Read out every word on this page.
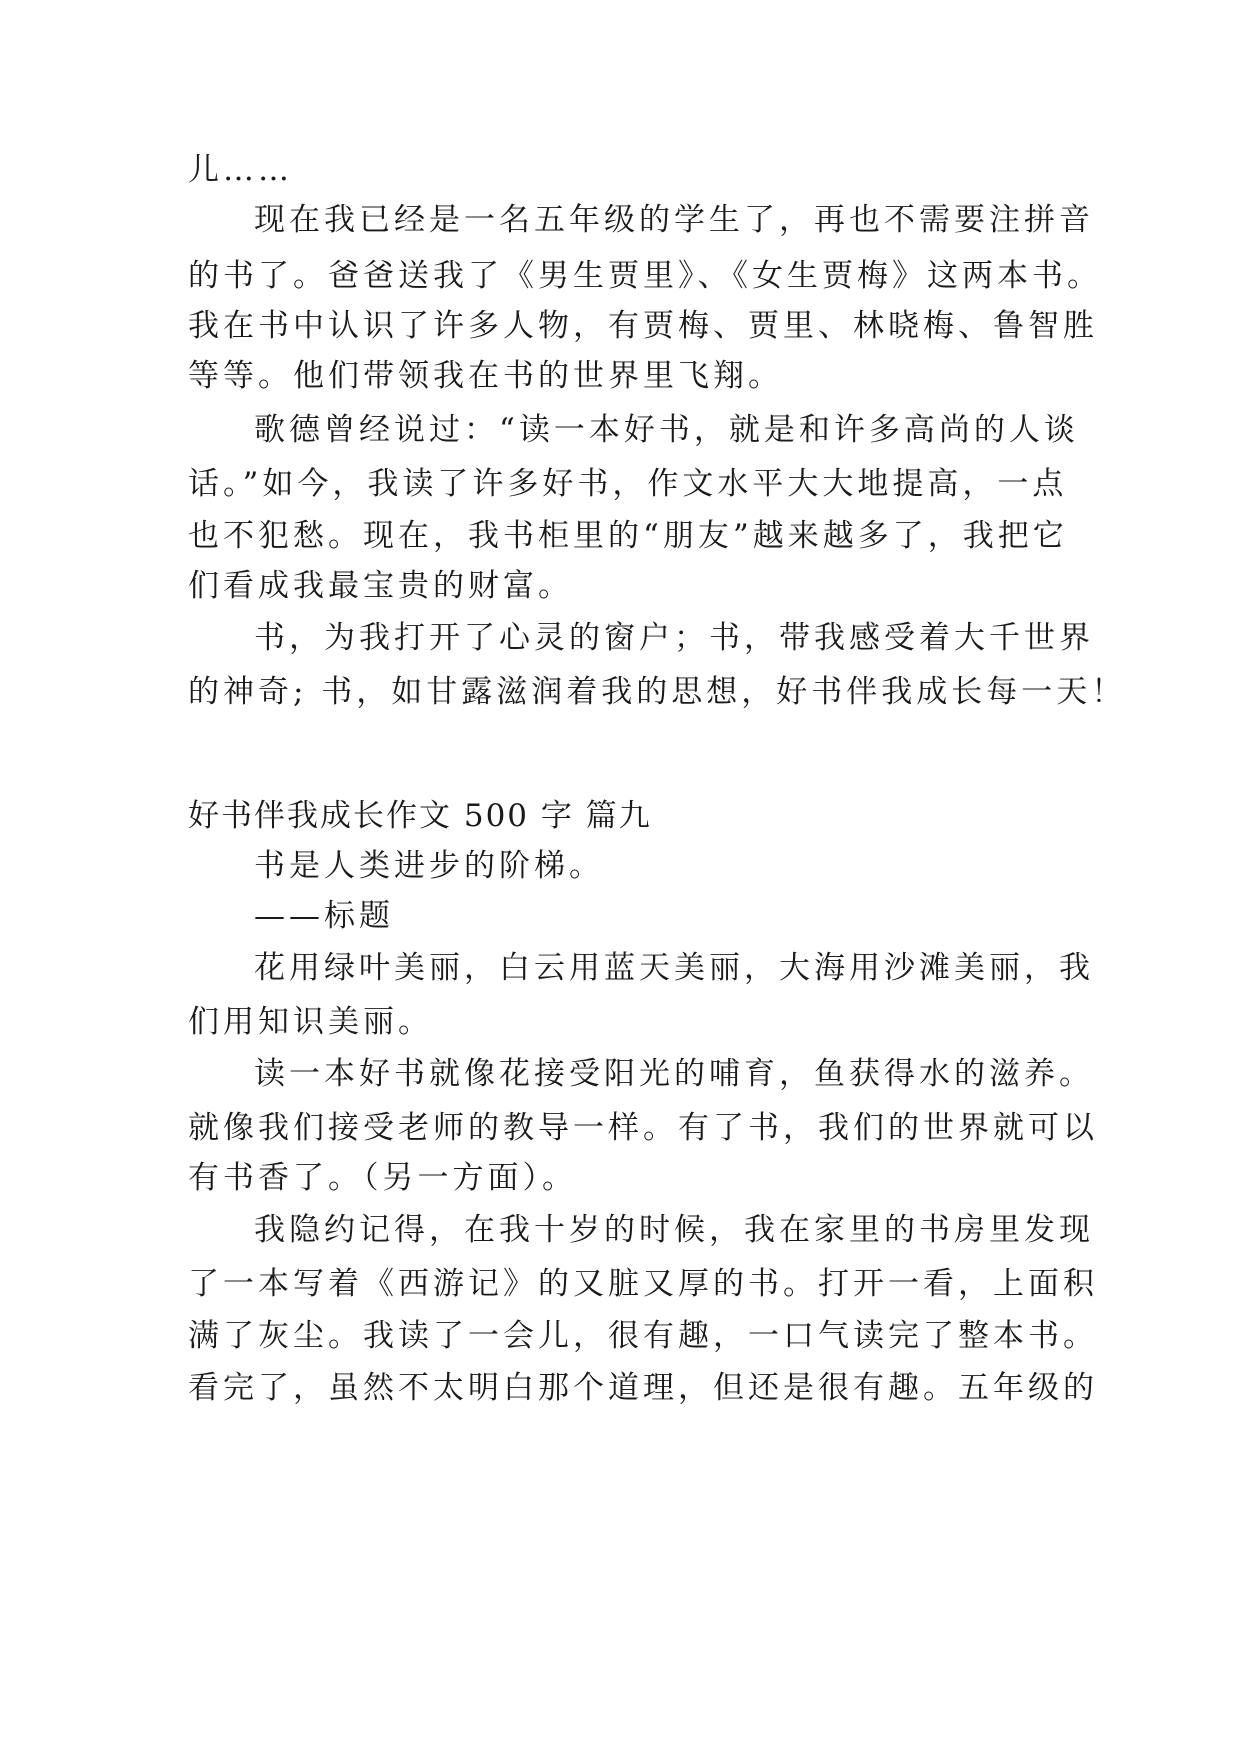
儿……
现在我已经是一名五年级的学生了，再也不需要注拼音
的书了。爸爸送我了《男生贾里》、《女生贾梅》这两本书。
我在书中认识了许多人物，有贾梅、贾里、林晓梅、鲁智胜
等等。他们带领我在书的世界里飞翔。
歌德曾经说过：“读一本好书，就是和许多高尚的人谈
话。”如今，我读了许多好书，作文水平大大地提高，一点
也不犯愁。现在，我书柜里的“朋友”越来越多了，我把它
们看成我最宝贵的财富。
书，为我打开了心灵的窗户；书，带我感受着大千世界
的神奇; 书，如甘露滋润着我的思想，好书伴我成长每一天！
好书伴我成长作文 500 字 篇九
书是人类进步的阶梯。
——标题
花用绿叶美丽，白云用蓝天美丽，大海用沙滩美丽，我
们用知识美丽。
读一本好书就像花接受阳光的哺育，鱼获得水的滋养。
就像我们接受老师的教导一样。有了书，我们的世界就可以
有书香了。（另一方面）。
我隐约记得，在我十岁的时候，我在家里的书房里发现
了一本写着《西游记》的又脏又厚的书。打开一看，上面积
满了灰尘。我读了一会儿，很有趣，一口气读完了整本书。
看完了，虽然不太明白那个道理，但还是很有趣。五年级的
